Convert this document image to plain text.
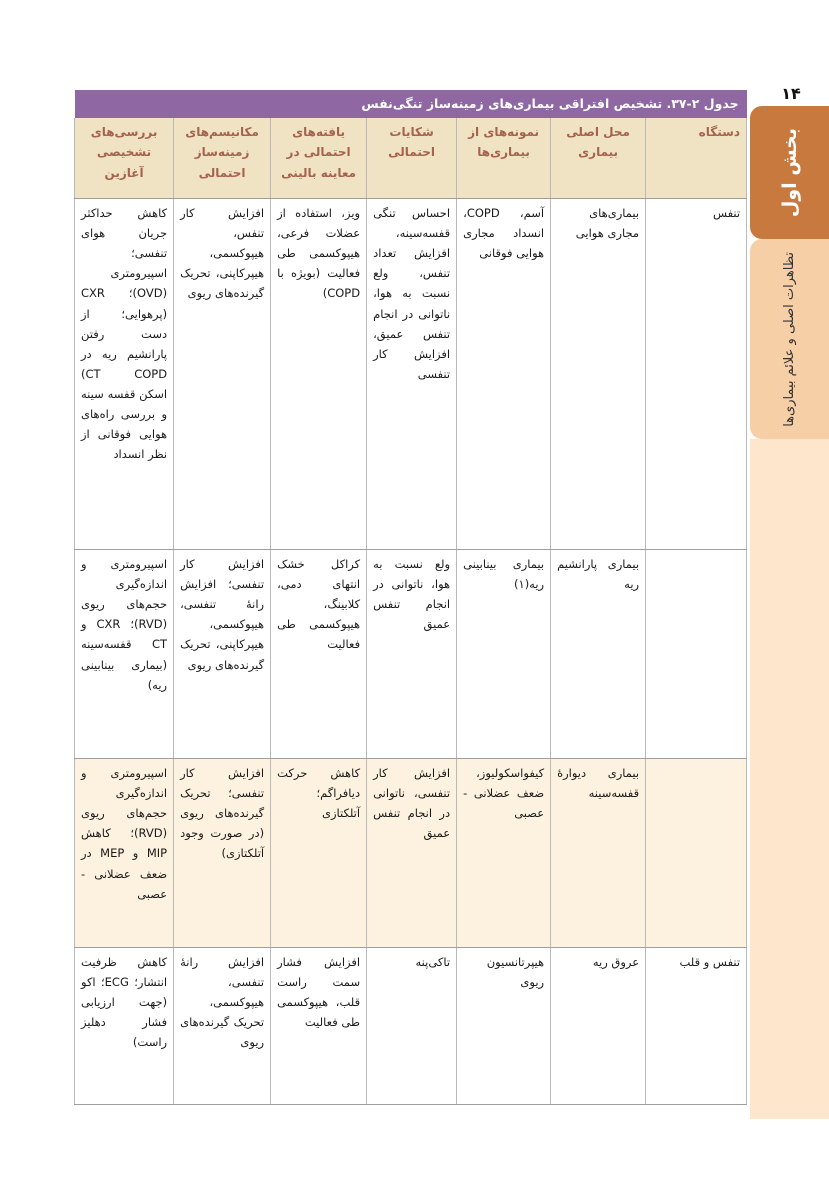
۱۴
بخش اول
تظاهرات اصلی و علائم بیماری‌ها
جدول ۲-۳۷. تشخیص افتراقی بیماری‌های زمینه‌ساز تنگی‌نفس						
دستگاه	محل اصلی بیماری	نمونه‌های از بیماری‌ها	شکایات احتمالی	یافته‌های احتمالی در معاینه بالینی	مکانیسم‌های زمینه‌ساز احتمالی	بررسی‌های تشخیصی آغازین
تنفس	بیماری‌های مجاری هوایی	آسم، COPD، انسداد مجاری هوایی فوقانی	احساس تنگی قفسه‌سینه، افزایش تعداد تنفس، ولع نسبت به هوا، ناتوانی در انجام تنفس عمیق، افزایش کار تنفسی	ویز، استفاده از عضلات فرعی، هیپوکسمی طی فعالیت (بویژه با COPD)	افزایش کار تنفس، هیپوکسمی، هیپرکاپنی، تحریک گیرنده‌های ریوی	کاهش حداکثر جریان هوای تنفسی؛ اسپیرومتری (OVD)؛ CXR (پرهوایی؛ از دست رفتن پارانشیم ریه در CT COPD) اسکن قفسه سینه و بررسی راه‌های هوایی فوقانی از نظر انسداد
	بیماری پارانشیم ریه	بیماری بینابینی ریه(۱)	ولع نسبت به هوا، ناتوانی در انجام تنفس عمیق	کراکل خشک انتهای دمی، کلابینگ، هیپوکسمی طی فعالیت	افزایش کار تنفسی؛ افزایش رانهٔ تنفسی، هیپوکسمی، هیپرکاپنی، تحریک گیرنده‌های ریوی	اسپیرومتری و اندازه‌گیری حجم‌های ریوی (RVD)؛ CXR و CT قفسه‌سینه (بیماری بینابینی ریه)
	بیماری دیوارهٔ قفسه‌سینه	کیفواسکولیوز، ضعف عضلانی - عصبی	افزایش کار تنفسی، ناتوانی در انجام تنفس عمیق	کاهش حرکت دیافراگم؛ آتلکتازی	افزایش کار تنفسی؛ تحریک گیرنده‌های ریوی (در صورت وجود آتلکتازی)	اسپیرومتری و اندازه‌گیری حجم‌های ریوی (RVD)؛ کاهش MIP و MEP در ضعف عضلانی - عصبی
تنفس و قلب	عروق ریه	هیپرتانسیون ریوی	تاکی‌پنه	افزایش فشار سمت راست قلب، هیپوکسمی طی فعالیت	افزایش رانهٔ تنفسی، هیپوکسمی، تحریک گیرنده‌های ریوی	کاهش ظرفیت انتشار؛ ECG؛ اکو (جهت ارزیابی فشار دهلیز راست)
